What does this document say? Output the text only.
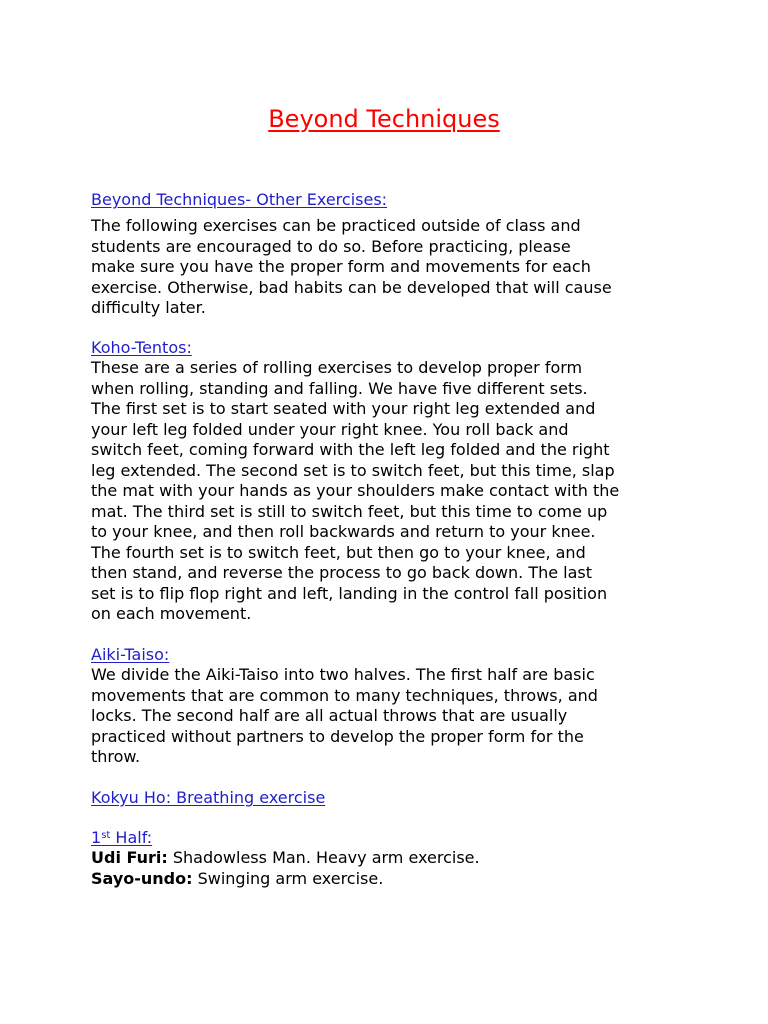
Beyond Techniques
Beyond Techniques- Other Exercises:

The following exercises can be practiced outside of class and
students are encouraged to do so. Before practicing, please
make sure you have the proper form and movements for each
exercise. Otherwise, bad habits can be developed that will cause
difficulty later.

Koho-Tentos:

These are a series of rolling exercises to develop proper form
when rolling, standing and falling. We have five different sets.
The first set is to start seated with your right leg extended and
your left leg folded under your right knee. You roll back and
switch feet, coming forward with the left leg folded and the right
leg extended. The second set is to switch feet, but this time, slap
the mat with your hands as your shoulders make contact with the
mat. The third set is still to switch feet, but this time to come up
to your knee, and then roll backwards and return to your knee.
The fourth set is to switch feet, but then go to your knee, and
then stand, and reverse the process to go back down. The last
set is to flip flop right and left, landing in the control fall position
on each movement.

Aiki-Taiso:

We divide the Aiki-Taiso into two halves. The first half are basic
movements that are common to many techniques, throws, and
locks. The second half are all actual throws that are usually
practiced without partners to develop the proper form for the
throw.

Kokyu Ho: Breathing exercise
1st Half:

Udi Furi: Shadowless Man. Heavy arm exercise.
Sayo-undo: Swinging arm exercise.
